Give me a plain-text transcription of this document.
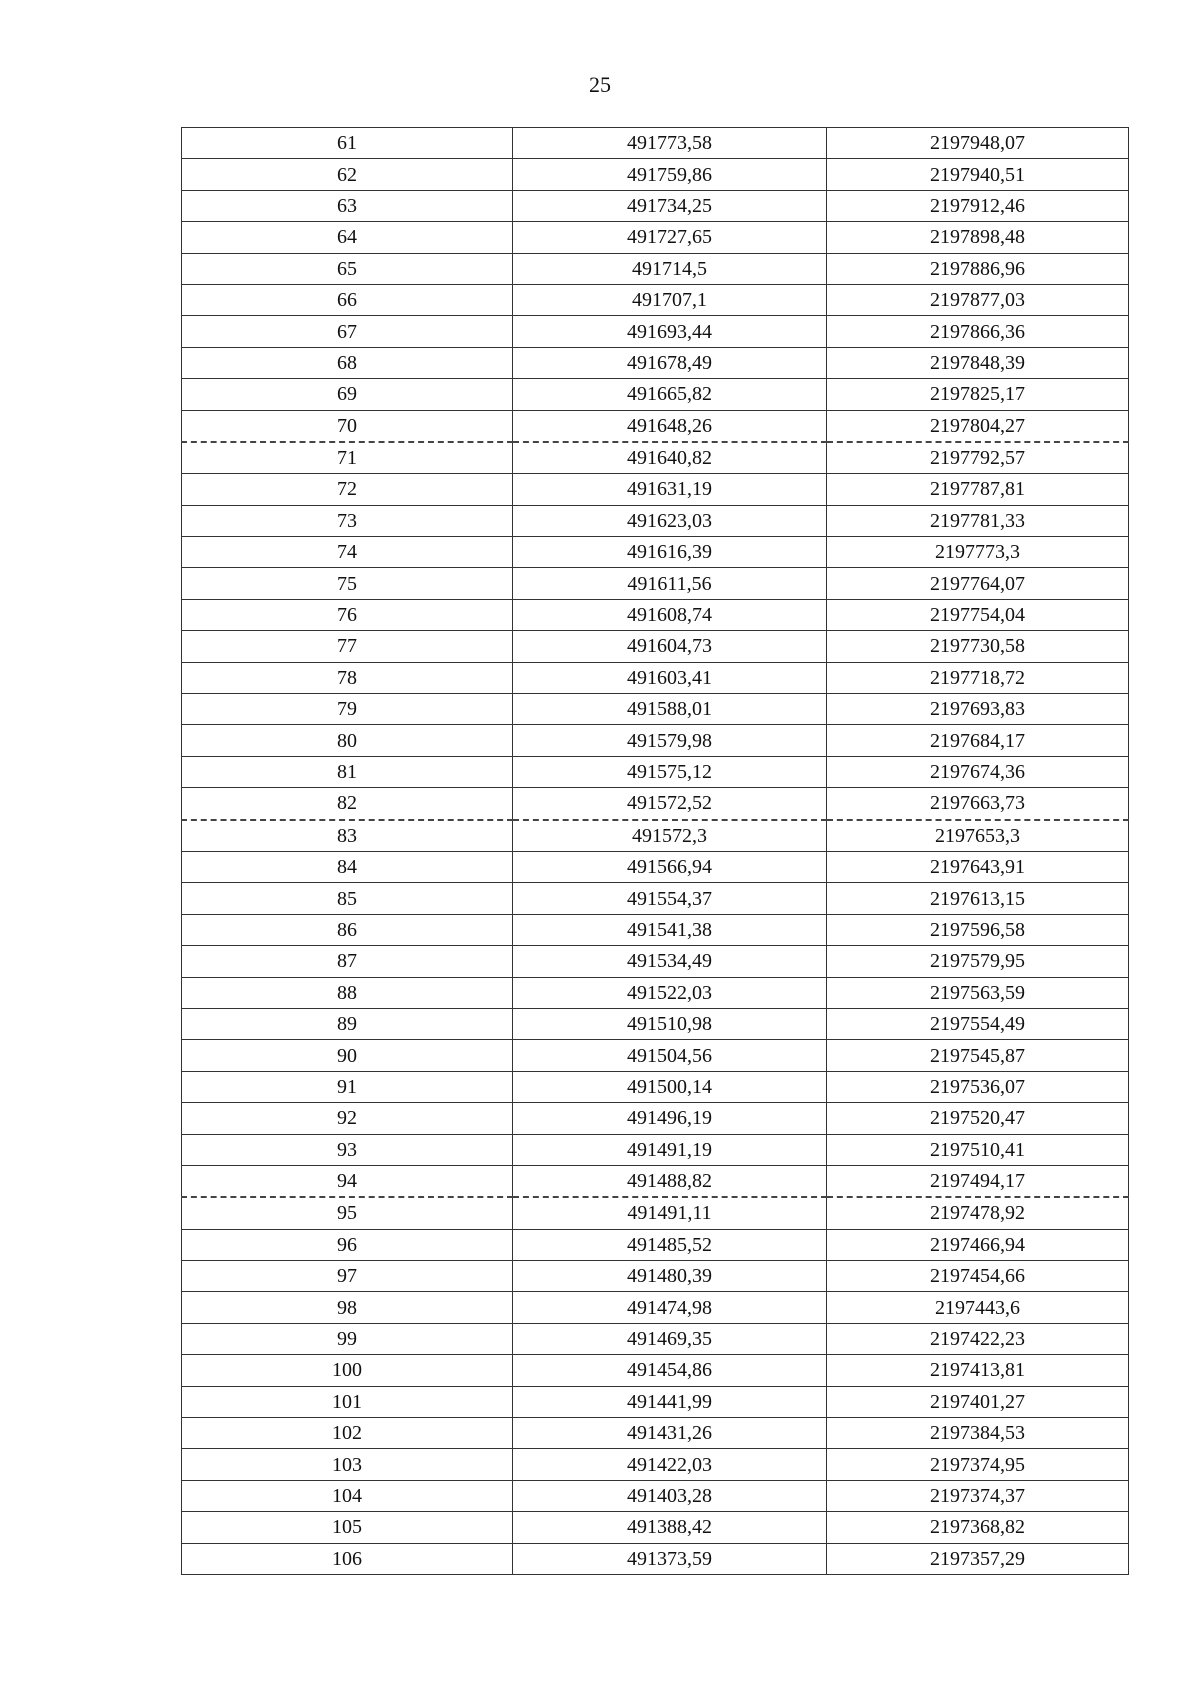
25
61	491773,58	2197948,07
62	491759,86	2197940,51
63	491734,25	2197912,46
64	491727,65	2197898,48
65	491714,5	2197886,96
66	491707,1	2197877,03
67	491693,44	2197866,36
68	491678,49	2197848,39
69	491665,82	2197825,17
70	491648,26	2197804,27
71	491640,82	2197792,57
72	491631,19	2197787,81
73	491623,03	2197781,33
74	491616,39	2197773,3
75	491611,56	2197764,07
76	491608,74	2197754,04
77	491604,73	2197730,58
78	491603,41	2197718,72
79	491588,01	2197693,83
80	491579,98	2197684,17
81	491575,12	2197674,36
82	491572,52	2197663,73
83	491572,3	2197653,3
84	491566,94	2197643,91
85	491554,37	2197613,15
86	491541,38	2197596,58
87	491534,49	2197579,95
88	491522,03	2197563,59
89	491510,98	2197554,49
90	491504,56	2197545,87
91	491500,14	2197536,07
92	491496,19	2197520,47
93	491491,19	2197510,41
94	491488,82	2197494,17
95	491491,11	2197478,92
96	491485,52	2197466,94
97	491480,39	2197454,66
98	491474,98	2197443,6
99	491469,35	2197422,23
100	491454,86	2197413,81
101	491441,99	2197401,27
102	491431,26	2197384,53
103	491422,03	2197374,95
104	491403,28	2197374,37
105	491388,42	2197368,82
106	491373,59	2197357,29
